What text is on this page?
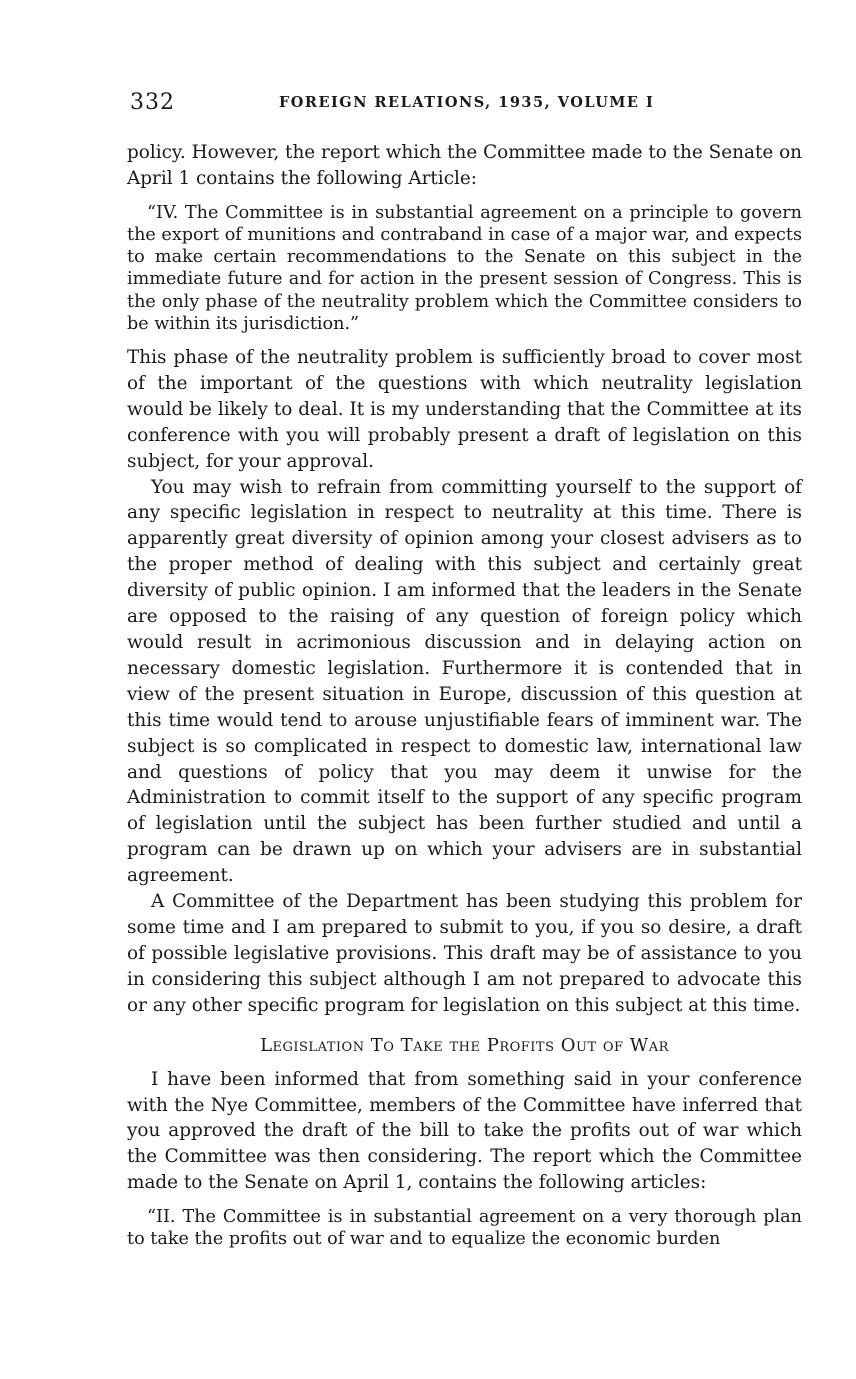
332	FOREIGN RELATIONS, 1935, VOLUME I

policy. However, the report which the Committee made to the Senate on April 1 contains the following Article:

“IV. The Committee is in substantial agreement on a principle to govern the export of munitions and contraband in case of a major war, and expects to make certain recommendations to the Senate on this subject in the immediate future and for action in the present session of Congress. This is the only phase of the neutrality problem which the Committee considers to be within its jurisdiction.”

This phase of the neutrality problem is sufficiently broad to cover most of the important of the questions with which neutrality legislation would be likely to deal. It is my understanding that the Committee at its conference with you will probably present a draft of legislation on this subject, for your approval.

You may wish to refrain from committing yourself to the support of any specific legislation in respect to neutrality at this time. There is apparently great diversity of opinion among your closest advisers as to the proper method of dealing with this subject and certainly great diversity of public opinion. I am informed that the leaders in the Senate are opposed to the raising of any question of foreign policy which would result in acrimonious discussion and in delaying action on necessary domestic legislation. Furthermore it is contended that in view of the present situation in Europe, discussion of this question at this time would tend to arouse unjustifiable fears of imminent war. The subject is so complicated in respect to domestic law, international law and questions of policy that you may deem it unwise for the Administration to commit itself to the support of any specific program of legislation until the subject has been further studied and until a program can be drawn up on which your advisers are in substantial agreement.

A Committee of the Department has been studying this problem for some time and I am prepared to submit to you, if you so desire, a draft of possible legislative provisions. This draft may be of assistance to you in considering this subject although I am not prepared to advocate this or any other specific program for legislation on this subject at this time.

Legislation To Take the Profits Out of War

I have been informed that from something said in your conference with the Nye Committee, members of the Committee have inferred that you approved the draft of the bill to take the profits out of war which the Committee was then considering. The report which the Committee made to the Senate on April 1, contains the following articles:

“II. The Committee is in substantial agreement on a very thorough plan to take the profits out of war and to equalize the economic burden
